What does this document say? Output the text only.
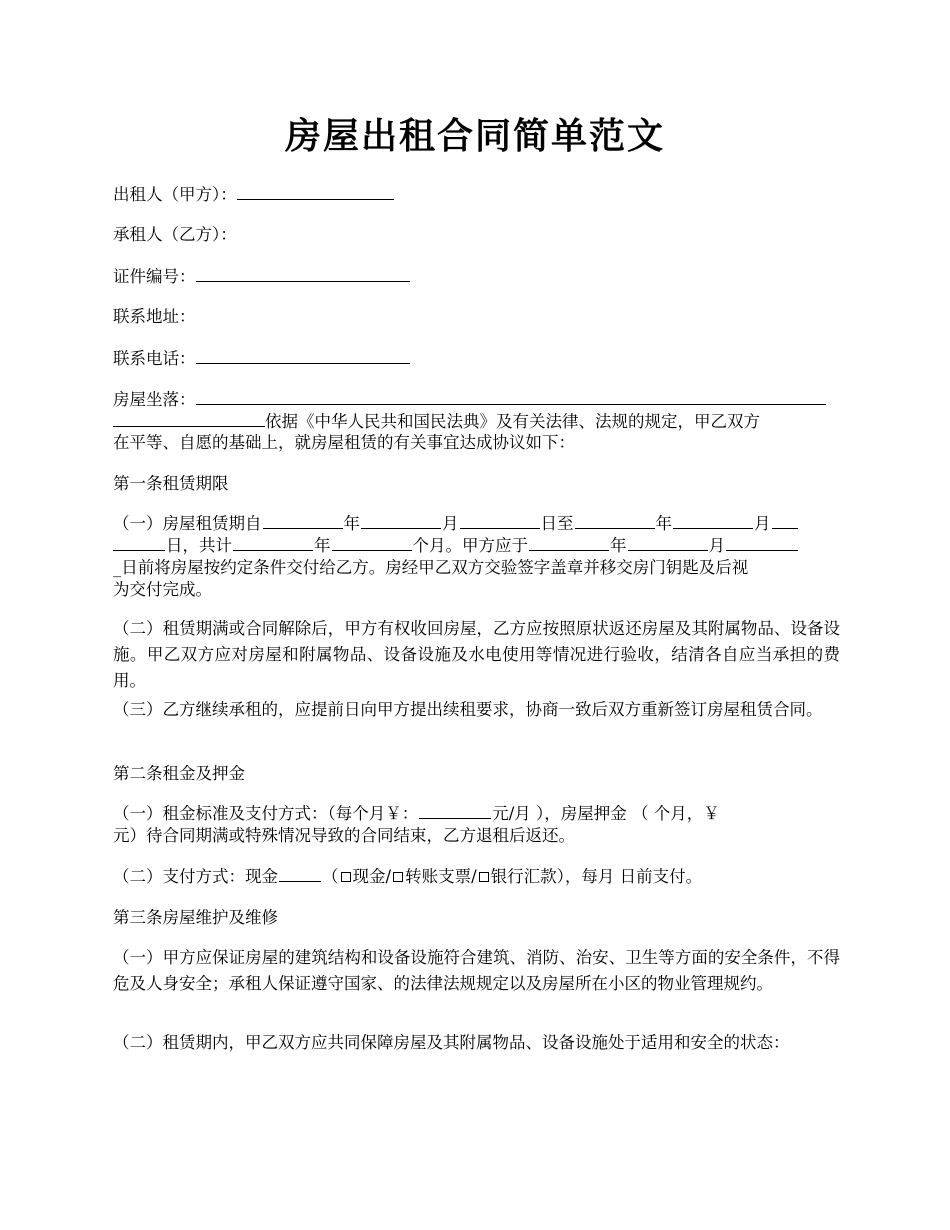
房屋出租合同简单范文
出租人（甲方）：
承租人（乙方）：
证件编号：
联系地址：
联系电话：
房屋坐落：
依据《中华人民共和国民法典》及有关法律、法规的规定，甲乙双方
在平等、自愿的基础上，就房屋租赁的有关事宜达成协议如下：
第一条租赁期限
（一）房屋租赁期自	年	月	日至	年	月
日，共计	年	个月。甲方应于	年	月
_日前将房屋按约定条件交付给乙方。房经甲乙双方交验签字盖章并移交房门钥匙及后视
为交付完成。
（二）租赁期满或合同解除后，甲方有权收回房屋，乙方应按照原状返还房屋及其附属物品、设备设施。甲乙双方应对房屋和附属物品、设备设施及水电使用等情况进行验收，结清各自应当承担的费用。
（三）乙方继续承租的，应提前日向甲方提出续租要求，协商一致后双方重新签订房屋租赁合同。
第二条租金及押金
（一）租金标准及支付方式：（每个月￥：	元/月 ），房屋押金 （ 个月，￥
元）待合同期满或特殊情况导致的合同结束，乙方退租后返还。
（二）支付方式：现金	（ 现金/ 转账支票/ 银行汇款），每月 日前支付。
第三条房屋维护及维修
（一）甲方应保证房屋的建筑结构和设备设施符合建筑、消防、治安、卫生等方面的安全条件，不得危及人身安全；承租人保证遵守国家、的法律法规规定以及房屋所在小区的物业管理规约。
（二）租赁期内，甲乙双方应共同保障房屋及其附属物品、设备设施处于适用和安全的状态：
